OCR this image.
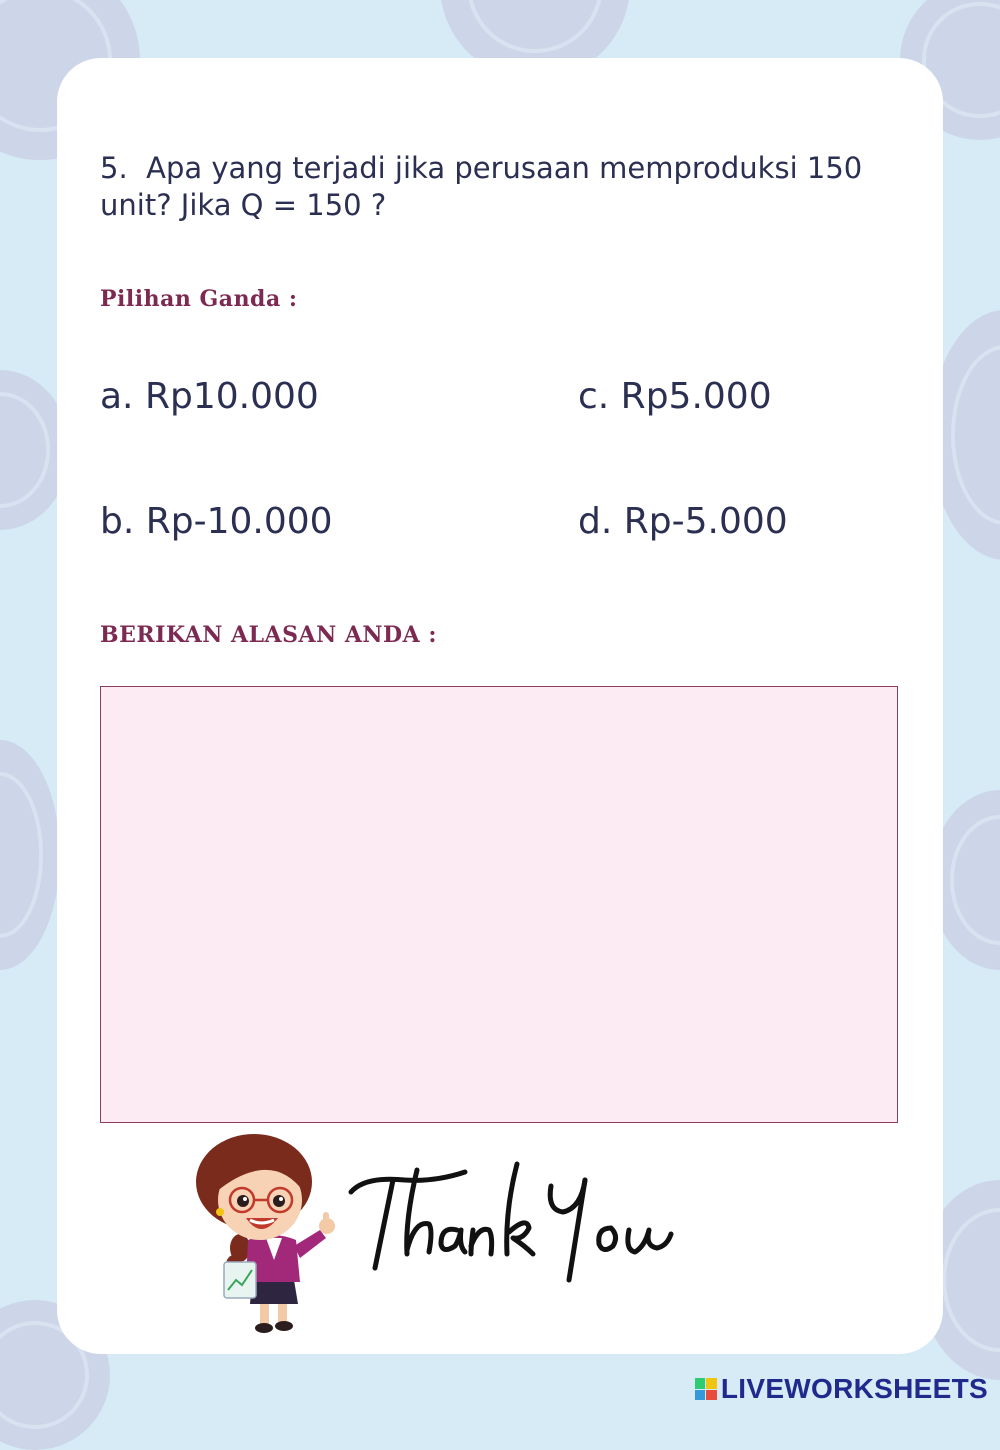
5. Apa yang terjadi jika perusaan memproduksi 150 unit? Jika Q = 150 ?
Pilihan Ganda :
a. Rp10.000
b. Rp-10.000
c. Rp5.000
d. Rp-5.000
BERIKAN ALASAN ANDA :
LIVEWORKSHEETS
